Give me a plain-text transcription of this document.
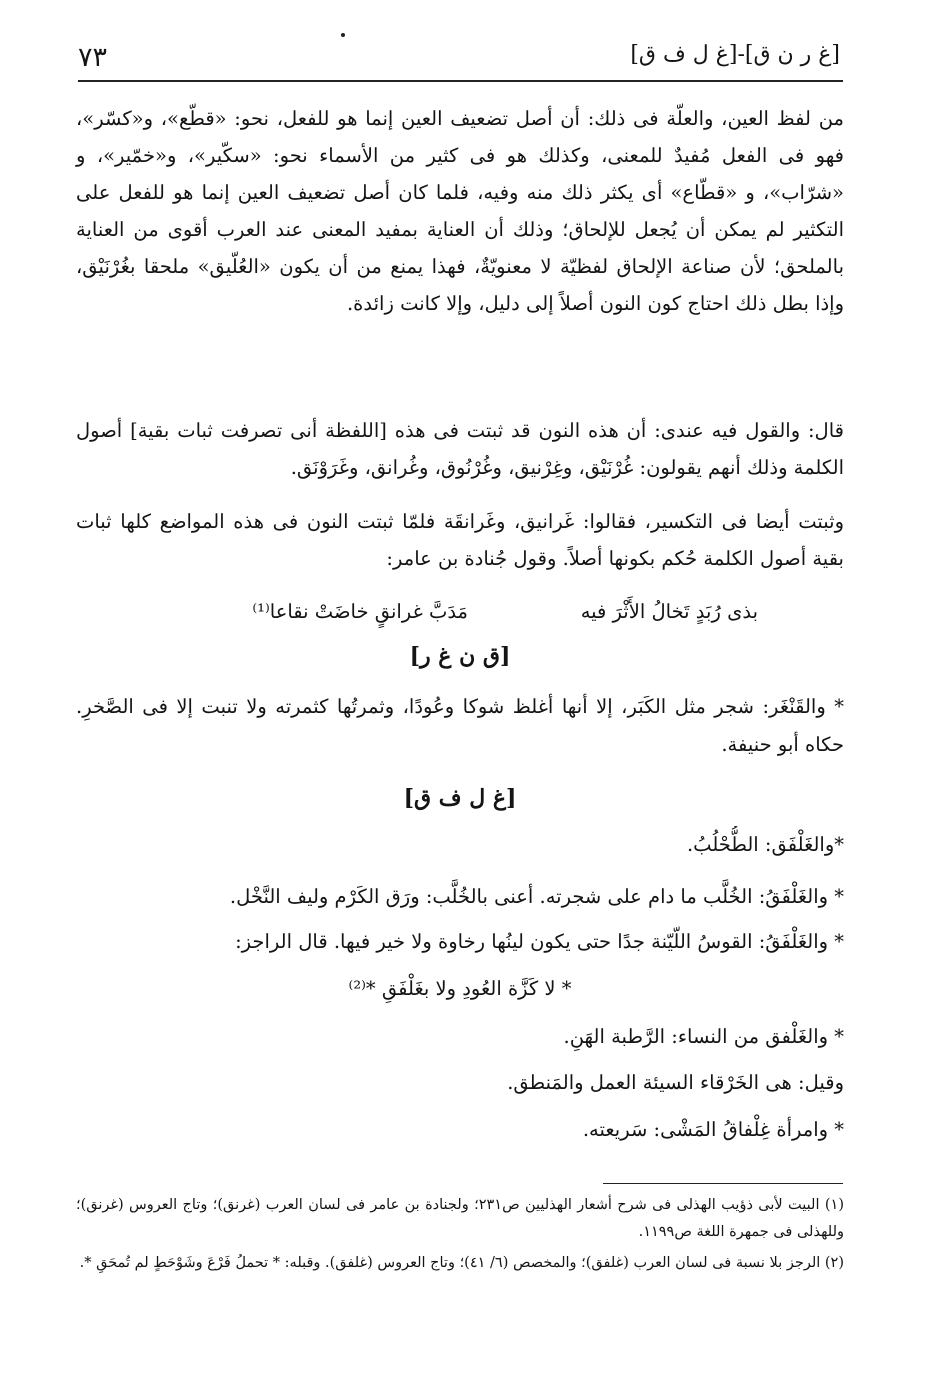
٧٣	[غ ر ن ق]-[غ ل ف ق]
من لفظ العين، والعلّة فى ذلك: أن أصل تضعيف العين إنما هو للفعل، نحو: «قطّع»، و«كسّر»، فهو فى الفعل مُفيدٌ للمعنى، وكذلك هو فى كثير من الأسماء نحو: «سكّير»، و«خمّير»، و «شرّاب»، و «قطّاع» أى يكثر ذلك منه وفيه، فلما كان أصل تضعيف العين إنما هو للفعل على التكثير لم يمكن أن يُجعل للإلحاق؛ وذلك أن العناية بمفيد المعنى عند العرب أقوى من العناية بالملحق؛ لأن صناعة الإلحاق لفظيّة لا معنويّةٌ، فهذا يمنع من أن يكون «العُلّيق» ملحقا بغُرْنَيْق، وإذا بطل ذلك احتاج كون النون أصلاً إلى دليل، وإلا كانت زائدة.
قال: والقول فيه عندى: أن هذه النون قد ثبتت فى هذه [اللفظة أنى تصرفت ثبات بقية] أصول الكلمة وذلك أنهم يقولون: غُرْنَيْق، وغِرْنيق، وغُرْنُوق، وغُرانق، وغَرَوْنَق.
وثبتت أيضا فى التكسير، فقالوا: غَرانيق، وغَرانقَة فلمّا ثبتت النون فى هذه المواضع كلها ثبات بقية أصول الكلمة حُكم بكونها أصلاً. وقول جُنادة بن عامر:
بذى رُبَدٍ تَخالُ الأَثْرَ فيه
مَدَبَّ غرانقٍ خاضَتْ نقاعا⁽¹⁾
[ق ن غ ر]
* والقَنْغَر: شجر مثل الكَبَر، إلا أنها أغلظ شوكا وعُودًا، وثمرتُها كثمرته ولا تنبت إلا فى الصَّخرِ. حكاه أبو حنيفة.
[غ ل ف ق]
*والغَلْفَق: الطُّحْلُبُ.
* والغَلْفَقُ: الخُلَّب ما دام على شجرته. أعنى بالخُلَّب: ورَق الكَرْم وليف النَّخْل.
* والغَلْفَقُ: القوسُ اللّيّنة جدًا حتى يكون لينُها رخاوة ولا خير فيها. قال الراجز:
* لا كَزَّة العُودِ ولا بغَلْفَقِ *⁽²⁾
* والغَلْفق من النساء: الرَّطبة الهَنِ.
وقيل: هى الخَرْقاء السيئة العمل والمَنطق.
* وامرأة غِلْفاقُ المَشْى: سَريعته.
(١) البيت لأبى ذؤيب الهذلى فى شرح أشعار الهذليين ص٢٣١؛ ولجنادة بن عامر فى لسان العرب (غرنق)؛ وتاج العروس (غرنق)؛ وللهذلى فى جمهرة اللغة ص١١٩٩.
(٢) الرجز بلا نسبة فى لسان العرب (غلفق)؛ والمخصص (٦/ ٤١)؛ وتاج العروس (غلفق). وقبله: * تحملُ فَرْعَ وشَوْحَطٍ لم تُمحَقِ *.
